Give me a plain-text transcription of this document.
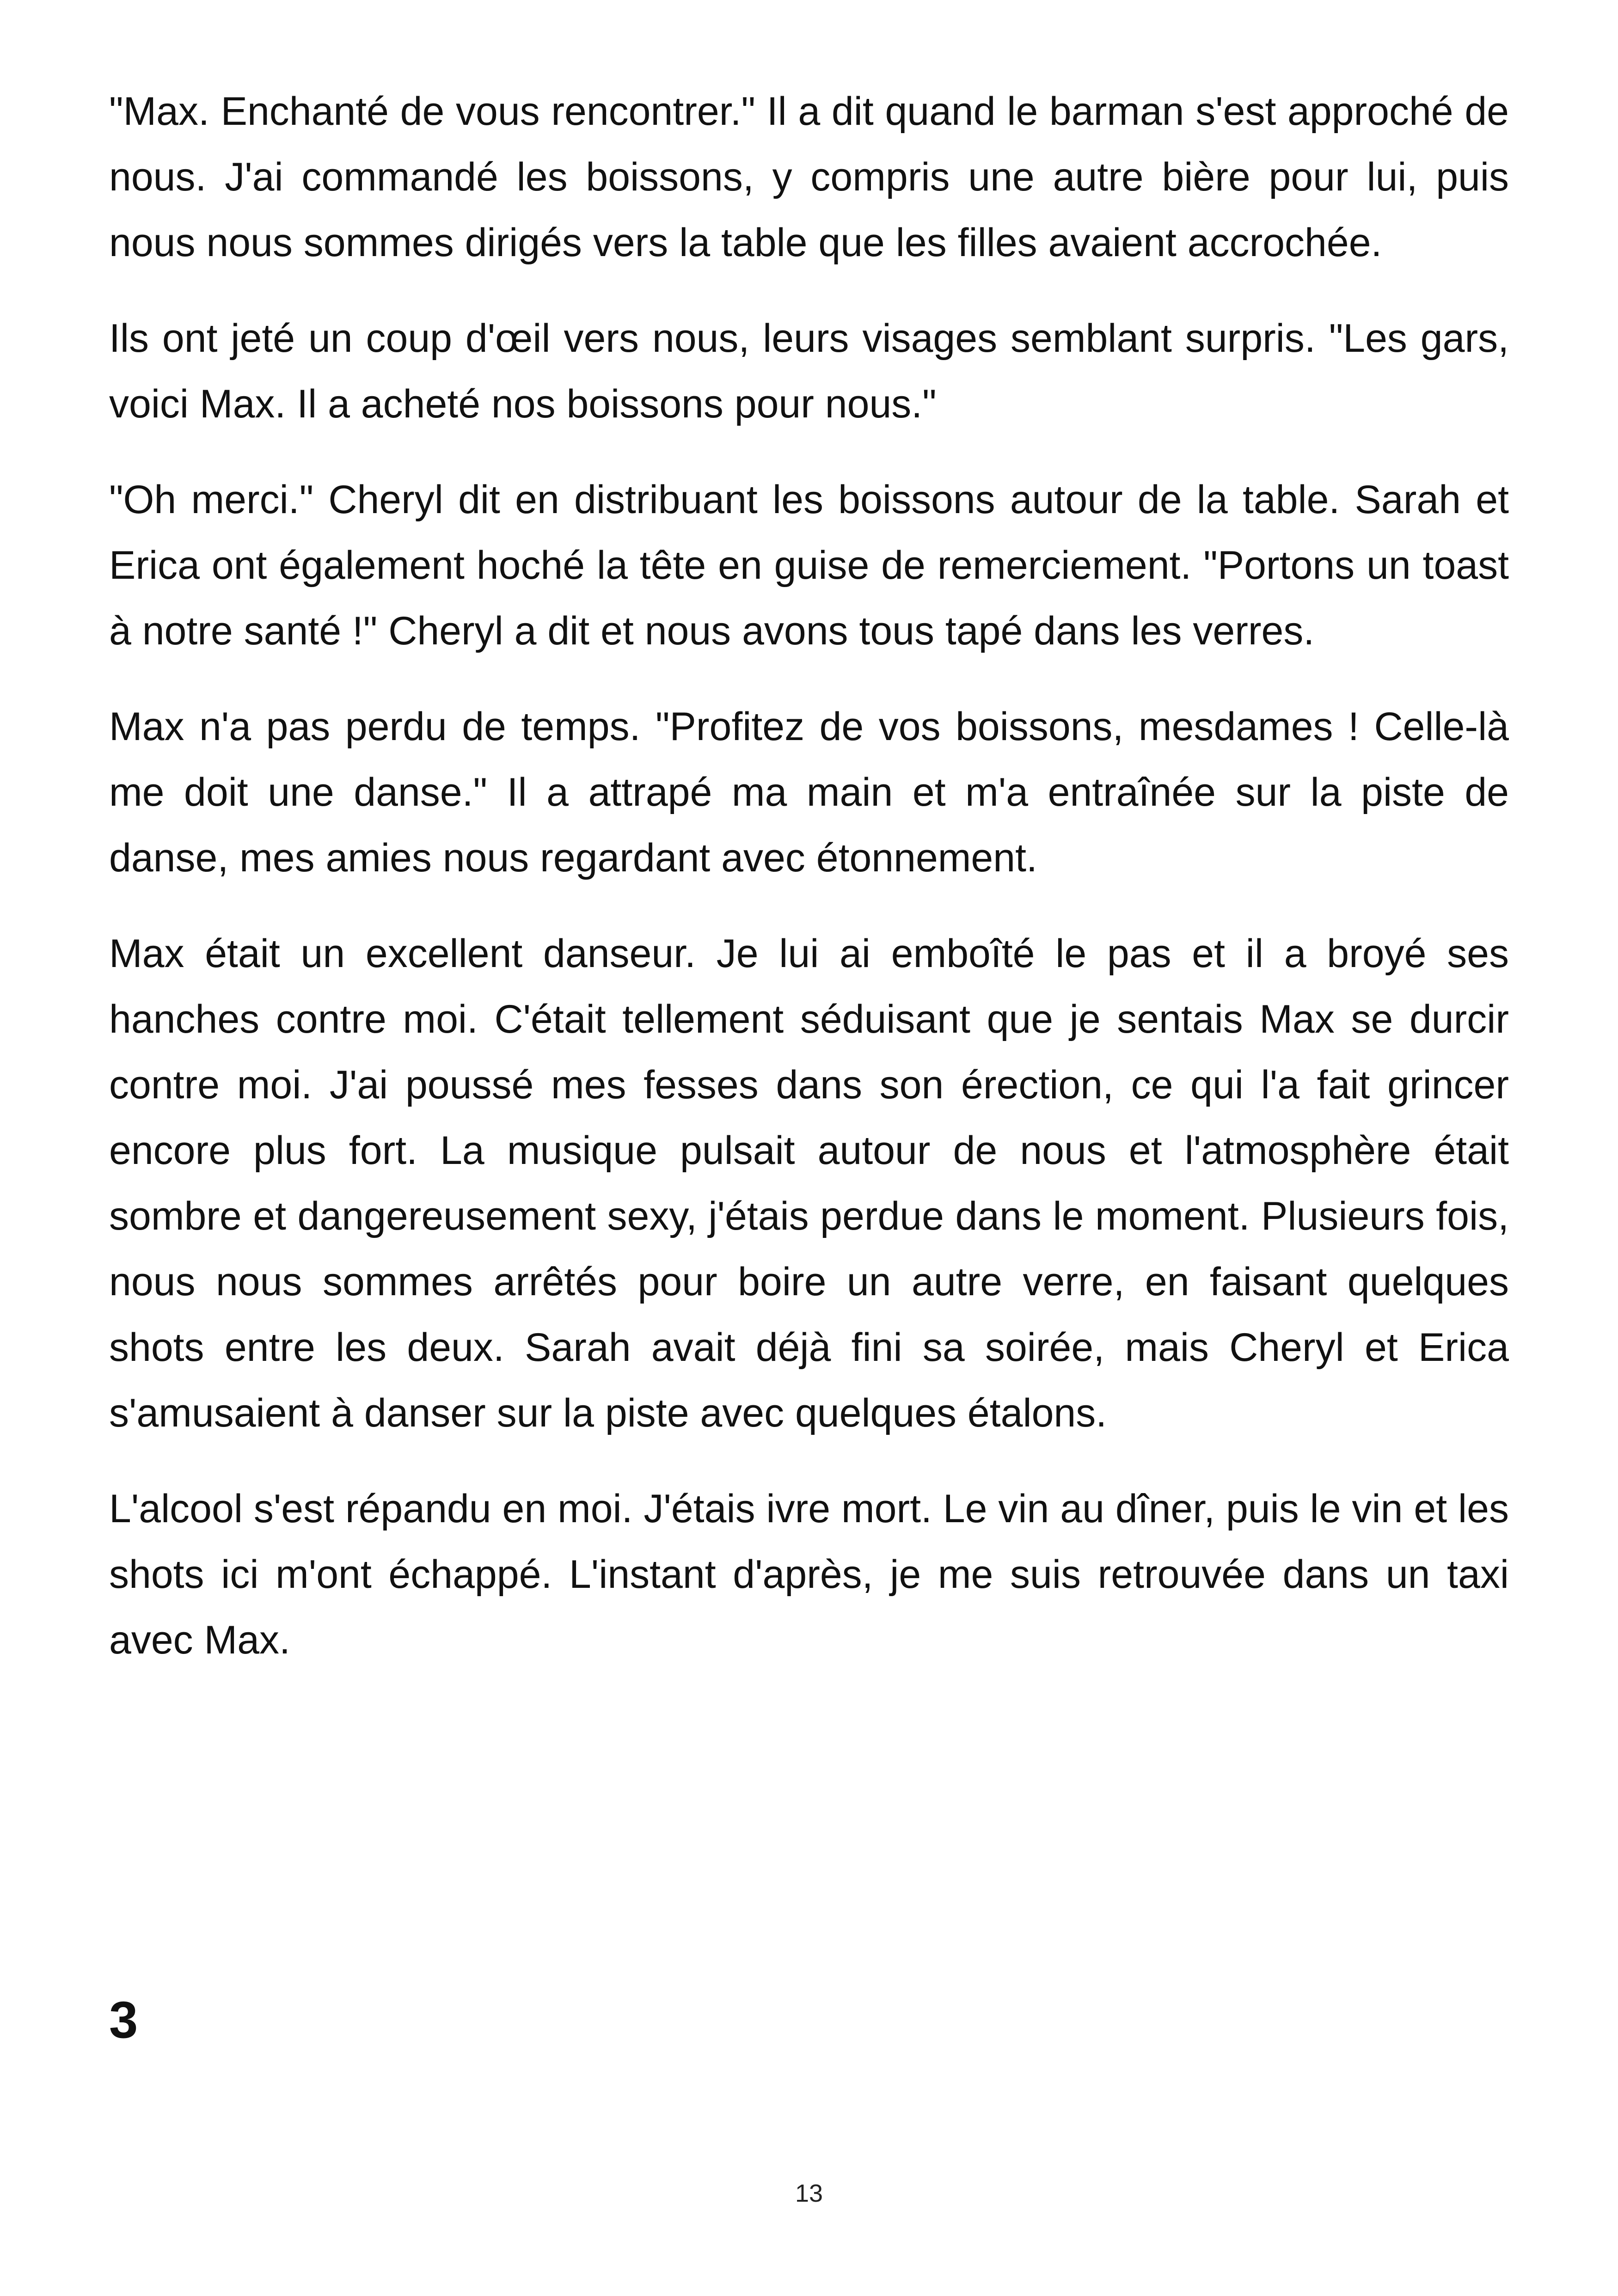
"Max. Enchanté de vous rencontrer." Il a dit quand le barman s'est approché de nous. J'ai commandé les boissons, y compris une autre bière pour lui, puis nous nous sommes dirigés vers la table que les filles avaient accrochée.

Ils ont jeté un coup d'œil vers nous, leurs visages semblant surpris. "Les gars, voici Max. Il a acheté nos boissons pour nous."

"Oh merci." Cheryl dit en distribuant les boissons autour de la table. Sarah et Erica ont également hoché la tête en guise de remerciement. "Portons un toast à notre santé !" Cheryl a dit et nous avons tous tapé dans les verres.

Max n'a pas perdu de temps. "Profitez de vos boissons, mesdames ! Celle-là me doit une danse." Il a attrapé ma main et m'a entraînée sur la piste de danse, mes amies nous regardant avec étonnement.

Max était un excellent danseur. Je lui ai emboîté le pas et il a broyé ses hanches contre moi. C'était tellement séduisant que je sentais Max se durcir contre moi. J'ai poussé mes fesses dans son érection, ce qui l'a fait grincer encore plus fort. La musique pulsait autour de nous et l'atmosphère était sombre et dangereusement sexy, j'étais perdue dans le moment. Plusieurs fois, nous nous sommes arrêtés pour boire un autre verre, en faisant quelques shots entre les deux. Sarah avait déjà fini sa soirée, mais Cheryl et Erica s'amusaient à danser sur la piste avec quelques étalons.

L'alcool s'est répandu en moi. J'étais ivre mort. Le vin au dîner, puis le vin et les shots ici m'ont échappé. L'instant d'après, je me suis retrouvée dans un taxi avec Max.

3
13
